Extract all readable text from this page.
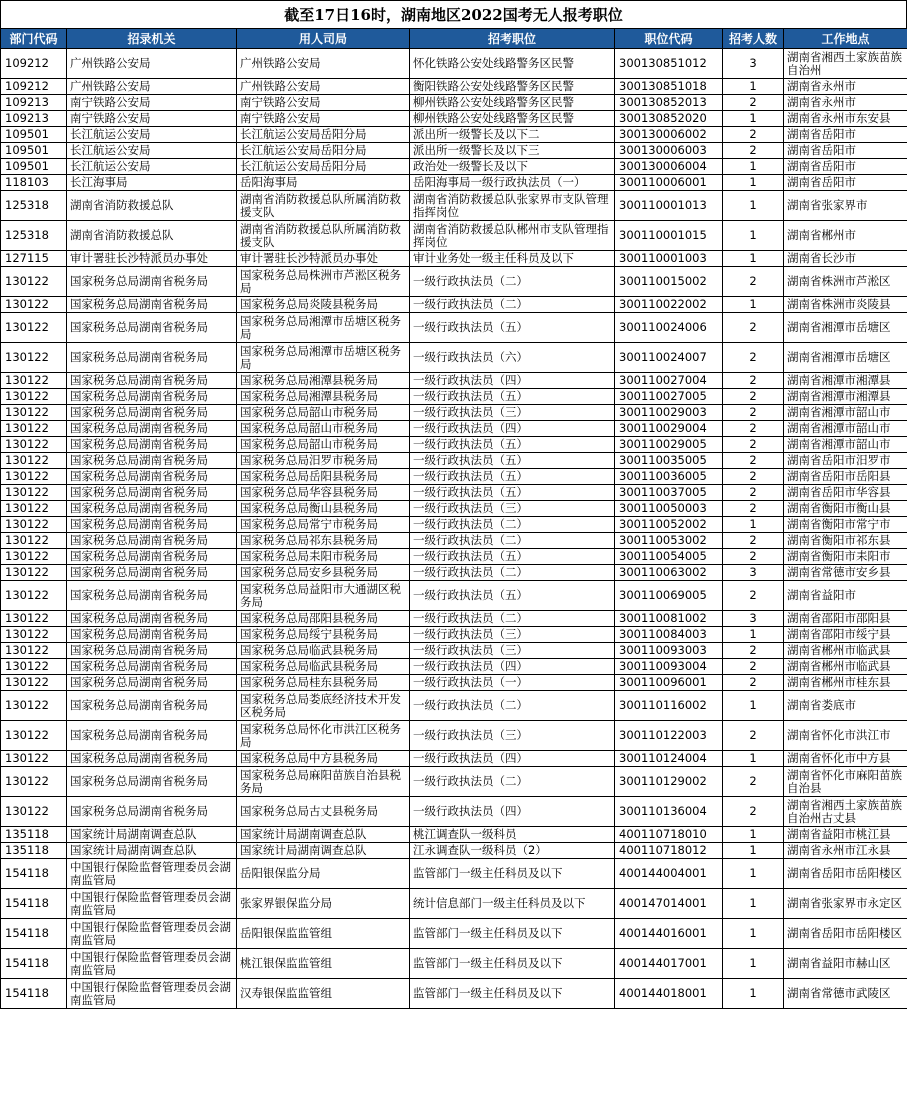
截至17日16时，湖南地区2022国考无人报考职位
部门代码	招录机关	用人司局	招考职位	职位代码	招考人数	工作地点
109212	广州铁路公安局	广州铁路公安局	怀化铁路公安处线路警务区民警	300130851012	3	湖南省湘西土家族苗族自治州
109212	广州铁路公安局	广州铁路公安局	衡阳铁路公安处线路警务区民警	300130851018	1	湖南省永州市
109213	南宁铁路公安局	南宁铁路公安局	柳州铁路公安处线路警务区民警	300130852013	2	湖南省永州市
109213	南宁铁路公安局	南宁铁路公安局	柳州铁路公安处线路警务区民警	300130852020	1	湖南省永州市东安县
109501	长江航运公安局	长江航运公安局岳阳分局	派出所一级警长及以下二	300130006002	2	湖南省岳阳市
109501	长江航运公安局	长江航运公安局岳阳分局	派出所一级警长及以下三	300130006003	2	湖南省岳阳市
109501	长江航运公安局	长江航运公安局岳阳分局	政治处一级警长及以下	300130006004	1	湖南省岳阳市
118103	长江海事局	岳阳海事局	岳阳海事局一级行政执法员（一）	300110006001	1	湖南省岳阳市
125318	湖南省消防救援总队	湖南省消防救援总队所属消防救援支队	湖南省消防救援总队张家界市支队管理指挥岗位	300110001013	1	湖南省张家界市
125318	湖南省消防救援总队	湖南省消防救援总队所属消防救援支队	湖南省消防救援总队郴州市支队管理指挥岗位	300110001015	1	湖南省郴州市
127115	审计署驻长沙特派员办事处	审计署驻长沙特派员办事处	审计业务处一级主任科员及以下	300110001003	1	湖南省长沙市
130122	国家税务总局湖南省税务局	国家税务总局株洲市芦淞区税务局	一级行政执法员（二）	300110015002	2	湖南省株洲市芦淞区
130122	国家税务总局湖南省税务局	国家税务总局炎陵县税务局	一级行政执法员（二）	300110022002	1	湖南省株洲市炎陵县
130122	国家税务总局湖南省税务局	国家税务总局湘潭市岳塘区税务局	一级行政执法员（五）	300110024006	2	湖南省湘潭市岳塘区
130122	国家税务总局湖南省税务局	国家税务总局湘潭市岳塘区税务局	一级行政执法员（六）	300110024007	2	湖南省湘潭市岳塘区
130122	国家税务总局湖南省税务局	国家税务总局湘潭县税务局	一级行政执法员（四）	300110027004	2	湖南省湘潭市湘潭县
130122	国家税务总局湖南省税务局	国家税务总局湘潭县税务局	一级行政执法员（五）	300110027005	2	湖南省湘潭市湘潭县
130122	国家税务总局湖南省税务局	国家税务总局韶山市税务局	一级行政执法员（三）	300110029003	2	湖南省湘潭市韶山市
130122	国家税务总局湖南省税务局	国家税务总局韶山市税务局	一级行政执法员（四）	300110029004	2	湖南省湘潭市韶山市
130122	国家税务总局湖南省税务局	国家税务总局韶山市税务局	一级行政执法员（五）	300110029005	2	湖南省湘潭市韶山市
130122	国家税务总局湖南省税务局	国家税务总局汨罗市税务局	一级行政执法员（五）	300110035005	2	湖南省岳阳市汨罗市
130122	国家税务总局湖南省税务局	国家税务总局岳阳县税务局	一级行政执法员（五）	300110036005	2	湖南省岳阳市岳阳县
130122	国家税务总局湖南省税务局	国家税务总局华容县税务局	一级行政执法员（五）	300110037005	2	湖南省岳阳市华容县
130122	国家税务总局湖南省税务局	国家税务总局衡山县税务局	一级行政执法员（三）	300110050003	2	湖南省衡阳市衡山县
130122	国家税务总局湖南省税务局	国家税务总局常宁市税务局	一级行政执法员（二）	300110052002	1	湖南省衡阳市常宁市
130122	国家税务总局湖南省税务局	国家税务总局祁东县税务局	一级行政执法员（二）	300110053002	2	湖南省衡阳市祁东县
130122	国家税务总局湖南省税务局	国家税务总局耒阳市税务局	一级行政执法员（五）	300110054005	2	湖南省衡阳市耒阳市
130122	国家税务总局湖南省税务局	国家税务总局安乡县税务局	一级行政执法员（二）	300110063002	3	湖南省常德市安乡县
130122	国家税务总局湖南省税务局	国家税务总局益阳市大通湖区税务局	一级行政执法员（五）	300110069005	2	湖南省益阳市
130122	国家税务总局湖南省税务局	国家税务总局邵阳县税务局	一级行政执法员（二）	300110081002	3	湖南省邵阳市邵阳县
130122	国家税务总局湖南省税务局	国家税务总局绥宁县税务局	一级行政执法员（三）	300110084003	1	湖南省邵阳市绥宁县
130122	国家税务总局湖南省税务局	国家税务总局临武县税务局	一级行政执法员（三）	300110093003	2	湖南省郴州市临武县
130122	国家税务总局湖南省税务局	国家税务总局临武县税务局	一级行政执法员（四）	300110093004	2	湖南省郴州市临武县
130122	国家税务总局湖南省税务局	国家税务总局桂东县税务局	一级行政执法员（一）	300110096001	2	湖南省郴州市桂东县
130122	国家税务总局湖南省税务局	国家税务总局娄底经济技术开发区税务局	一级行政执法员（二）	300110116002	1	湖南省娄底市
130122	国家税务总局湖南省税务局	国家税务总局怀化市洪江区税务局	一级行政执法员（三）	300110122003	2	湖南省怀化市洪江市
130122	国家税务总局湖南省税务局	国家税务总局中方县税务局	一级行政执法员（四）	300110124004	1	湖南省怀化市中方县
130122	国家税务总局湖南省税务局	国家税务总局麻阳苗族自治县税务局	一级行政执法员（二）	300110129002	2	湖南省怀化市麻阳苗族自治县
130122	国家税务总局湖南省税务局	国家税务总局古丈县税务局	一级行政执法员（四）	300110136004	2	湖南省湘西土家族苗族自治州古丈县
135118	国家统计局湖南调查总队	国家统计局湖南调查总队	桃江调查队一级科员	400110718010	1	湖南省益阳市桃江县
135118	国家统计局湖南调查总队	国家统计局湖南调查总队	江永调查队一级科员（2）	400110718012	1	湖南省永州市江永县
154118	中国银行保险监督管理委员会湖南监管局	岳阳银保监分局	监管部门一级主任科员及以下	400144004001	1	湖南省岳阳市岳阳楼区
154118	中国银行保险监督管理委员会湖南监管局	张家界银保监分局	统计信息部门一级主任科员及以下	400147014001	1	湖南省张家界市永定区
154118	中国银行保险监督管理委员会湖南监管局	岳阳银保监监管组	监管部门一级主任科员及以下	400144016001	1	湖南省岳阳市岳阳楼区
154118	中国银行保险监督管理委员会湖南监管局	桃江银保监监管组	监管部门一级主任科员及以下	400144017001	1	湖南省益阳市赫山区
154118	中国银行保险监督管理委员会湖南监管局	汉寿银保监监管组	监管部门一级主任科员及以下	400144018001	1	湖南省常德市武陵区
